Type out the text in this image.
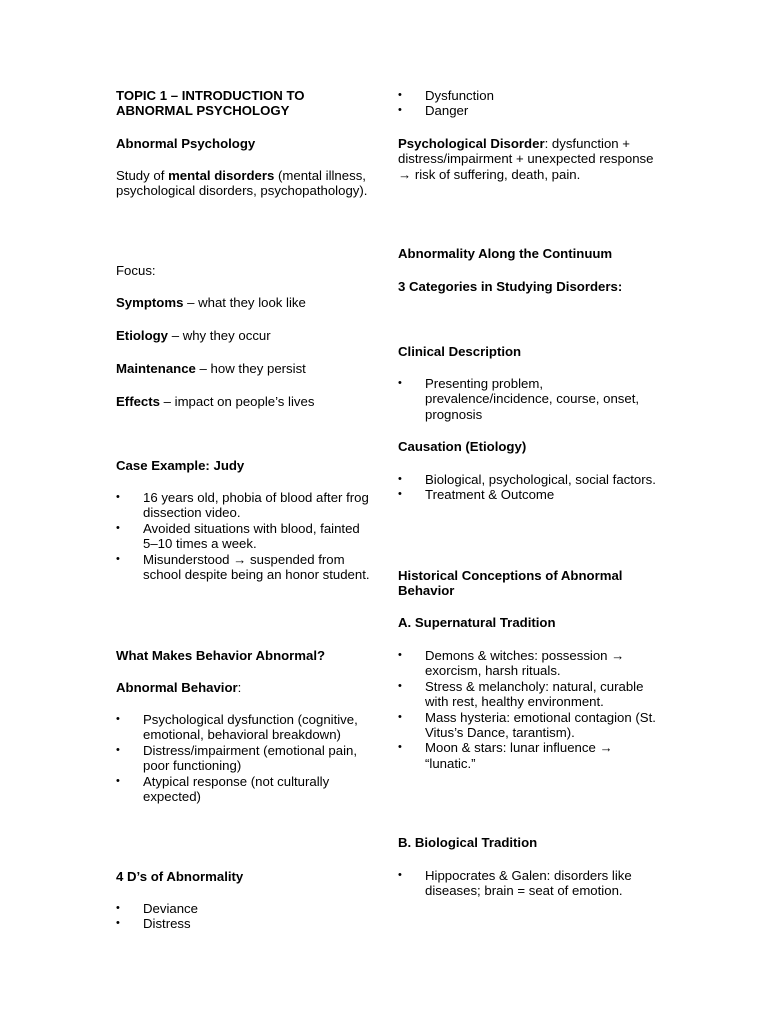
TOPIC 1 – INTRODUCTION TO ABNORMAL PSYCHOLOGY

Abnormal Psychology

Study of mental disorders (mental illness, psychological disorders, psychopathology).

Focus:

Symptoms – what they look like

Etiology – why they occur

Maintenance – how they persist

Effects – impact on people’s lives

Case Example: Judy

• 16 years old, phobia of blood after frog dissection video.
• Avoided situations with blood, fainted 5–10 times a week.
• Misunderstood → suspended from school despite being an honor student.

What Makes Behavior Abnormal?

Abnormal Behavior:

• Psychological dysfunction (cognitive, emotional, behavioral breakdown)
• Distress/impairment (emotional pain, poor functioning)
• Atypical response (not culturally expected)

4 D’s of Abnormality

• Deviance
• Distress
• Dysfunction
• Danger

Psychological Disorder: dysfunction + distress/impairment + unexpected response → risk of suffering, death, pain.

Abnormality Along the Continuum

3 Categories in Studying Disorders:

Clinical Description

• Presenting problem, prevalence/incidence, course, onset, prognosis

Causation (Etiology)

• Biological, psychological, social factors.
• Treatment & Outcome

Historical Conceptions of Abnormal Behavior

A. Supernatural Tradition

• Demons & witches: possession → exorcism, harsh rituals.
• Stress & melancholy: natural, curable with rest, healthy environment.
• Mass hysteria: emotional contagion (St. Vitus’s Dance, tarantism).
• Moon & stars: lunar influence → “lunatic.”

B. Biological Tradition

• Hippocrates & Galen: disorders like diseases; brain = seat of emotion.
